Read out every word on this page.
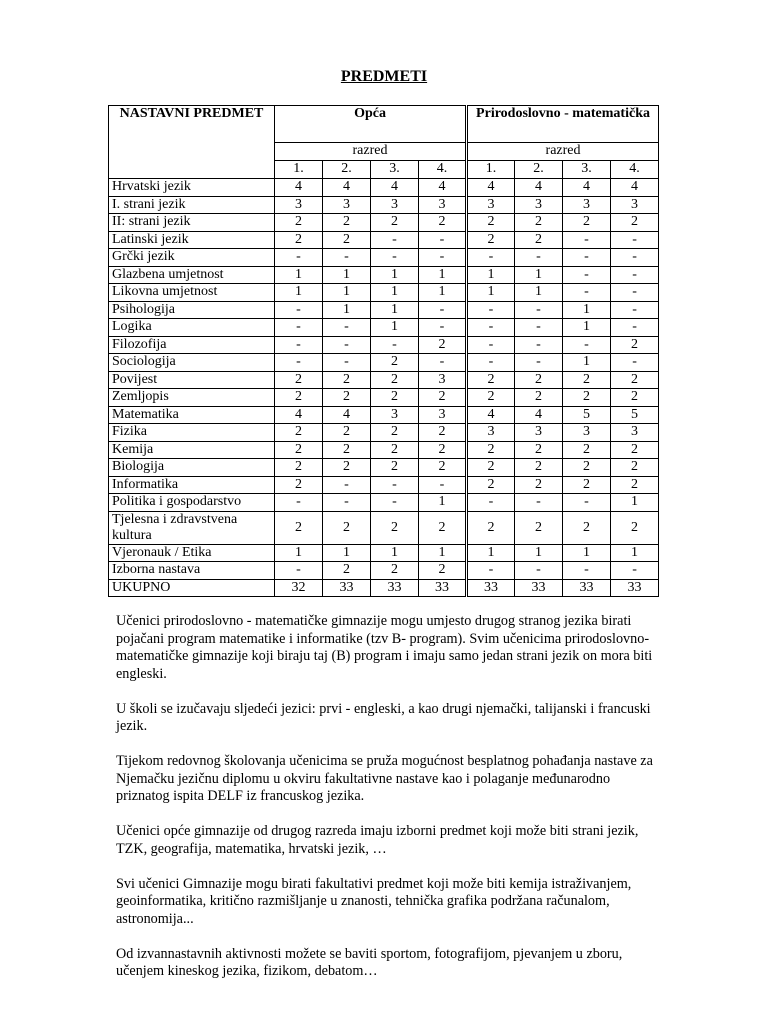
PREDMETI
NASTAVNI PREDMET	Opća				Prirodoslovno - matematička			
	razred				razred			
	1.	2.	3.	4.	1.	2.	3.	4.
Hrvatski jezik	4	4	4	4	4	4	4	4
I. strani jezik	3	3	3	3	3	3	3	3
II: strani jezik	2	2	2	2	2	2	2	2
Latinski jezik	2	2	-	-	2	2	-	-
Grčki jezik	-	-	-	-	-	-	-	-
Glazbena umjetnost	1	1	1	1	1	1	-	-
Likovna umjetnost	1	1	1	1	1	1	-	-
Psihologija	-	1	1	-	-	-	1	-
Logika	-	-	1	-	-	-	1	-
Filozofija	-	-	-	2	-	-	-	2
Sociologija	-	-	2	-	-	-	1	-
Povijest	2	2	2	3	2	2	2	2
Zemljopis	2	2	2	2	2	2	2	2
Matematika	4	4	3	3	4	4	5	5
Fizika	2	2	2	2	3	3	3	3
Kemija	2	2	2	2	2	2	2	2
Biologija	2	2	2	2	2	2	2	2
Informatika	2	-	-	-	2	2	2	2
Politika i gospodarstvo	-	-	-	1	-	-	-	1
Tjelesna i zdravstvena kultura	2	2	2	2	2	2	2	2
Vjeronauk / Etika	1	1	1	1	1	1	1	1
Izborna nastava	-	2	2	2	-	-	-	-
UKUPNO	32	33	33	33	33	33	33	33

Učenici prirodoslovno - matematičke gimnazije mogu umjesto drugog stranog jezika birati pojačani program matematike i informatike (tzv B- program). Svim učenicima prirodoslovno-matematičke gimnazije koji biraju taj (B) program i imaju samo jedan strani jezik on mora biti engleski.

U školi se izučavaju sljedeći jezici: prvi - engleski, a kao drugi njemački, talijanski i francuski jezik.

Tijekom redovnog školovanja učenicima se pruža mogućnost besplatnog pohađanja nastave za Njemačku jezičnu diplomu u okviru fakultativne nastave kao i polaganje međunarodno priznatog ispita DELF iz francuskog jezika.

Učenici opće gimnazije od drugog razreda imaju izborni predmet koji može biti strani jezik, TZK, geografija, matematika, hrvatski jezik, …

Svi učenici Gimnazije mogu birati fakultativi predmet koji može biti kemija istraživanjem, geoinformatika, kritično razmišljanje u znanosti, tehnička grafika podržana računalom, astronomija...

Od izvannastavnih aktivnosti možete se baviti sportom, fotografijom, pjevanjem u zboru, učenjem kineskog jezika, fizikom, debatom…
